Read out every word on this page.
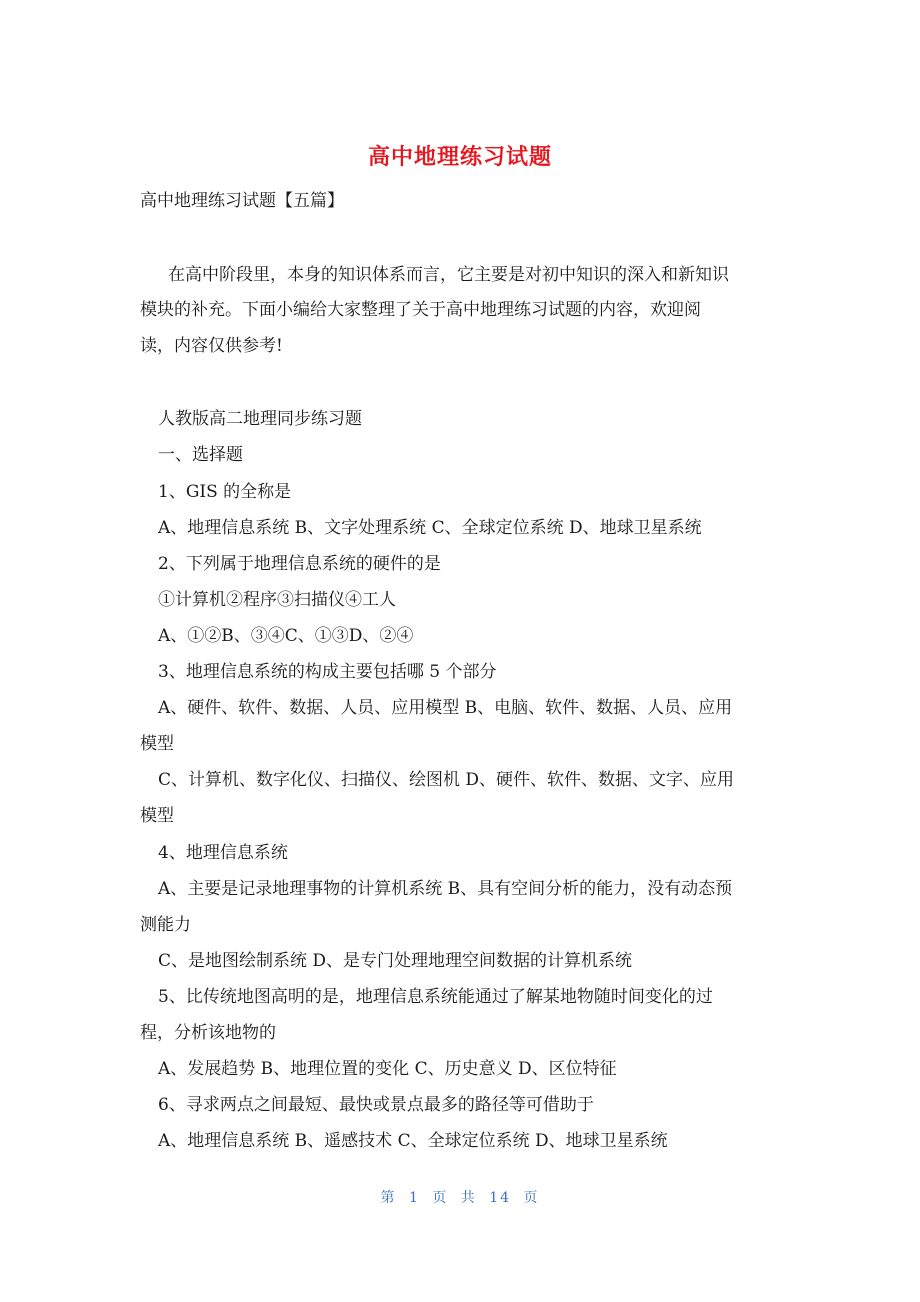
高中地理练习试题
高中地理练习试题【五篇】
在高中阶段里，本身的知识体系而言，它主要是对初中知识的深入和新知识
模块的补充。下面小编给大家整理了关于高中地理练习试题的内容，欢迎阅
读，内容仅供参考!
人教版高二地理同步练习题
一、选择题
1、GIS 的全称是
A、地理信息系统 B、文字处理系统 C、全球定位系统 D、地球卫星系统
2、下列属于地理信息系统的硬件的是
①计算机②程序③扫描仪④工人
A、①②B、③④C、①③D、②④
3、地理信息系统的构成主要包括哪 5 个部分
A、硬件、软件、数据、人员、应用模型 B、电脑、软件、数据、人员、应用
模型
C、计算机、数字化仪、扫描仪、绘图机 D、硬件、软件、数据、文字、应用
模型
4、地理信息系统
A、主要是记录地理事物的计算机系统 B、具有空间分析的能力，没有动态预
测能力
C、是地图绘制系统 D、是专门处理地理空间数据的计算机系统
5、比传统地图高明的是，地理信息系统能通过了解某地物随时间变化的过
程，分析该地物的
A、发展趋势 B、地理位置的变化 C、历史意义 D、区位特征
6、寻求两点之间最短、最快或景点最多的路径等可借助于
A、地理信息系统 B、遥感技术 C、全球定位系统 D、地球卫星系统
第 1 页 共 14 页
